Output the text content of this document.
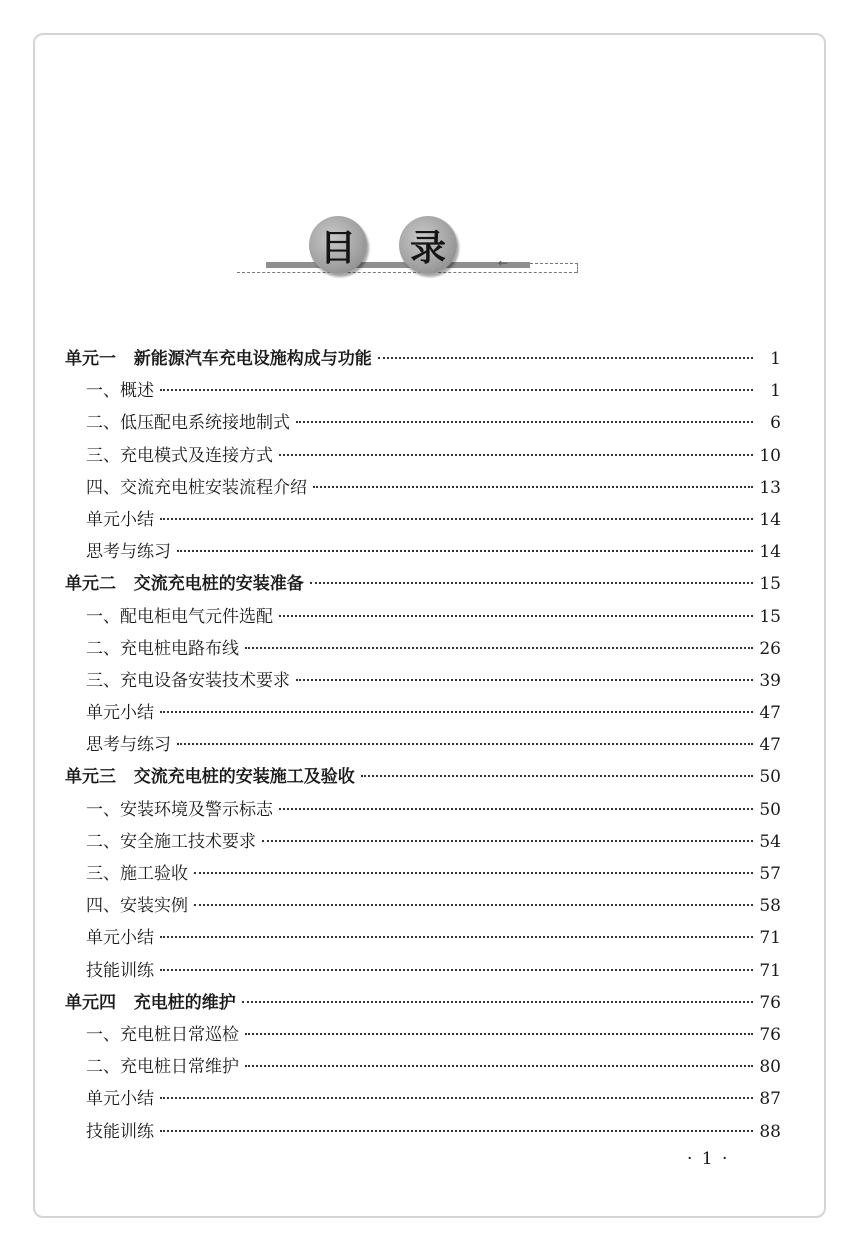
←
目 录
单元一   新能源汽车充电设施构成与功能	1
一、概述	1
二、低压配电系统接地制式	6
三、充电模式及连接方式	10
四、交流充电桩安装流程介绍	13
单元小结	14
思考与练习	14
单元二   交流充电桩的安装准备	15
一、配电柜电气元件选配	15
二、充电桩电路布线	26
三、充电设备安装技术要求	39
单元小结	47
思考与练习	47
单元三   交流充电桩的安装施工及验收	50
一、安装环境及警示标志	50
二、安全施工技术要求	54
三、施工验收	57
四、安装实例	58
单元小结	71
技能训练	71
单元四   充电桩的维护	76
一、充电桩日常巡检	76
二、充电桩日常维护	80
单元小结	87
技能训练	88
· 1 ·
